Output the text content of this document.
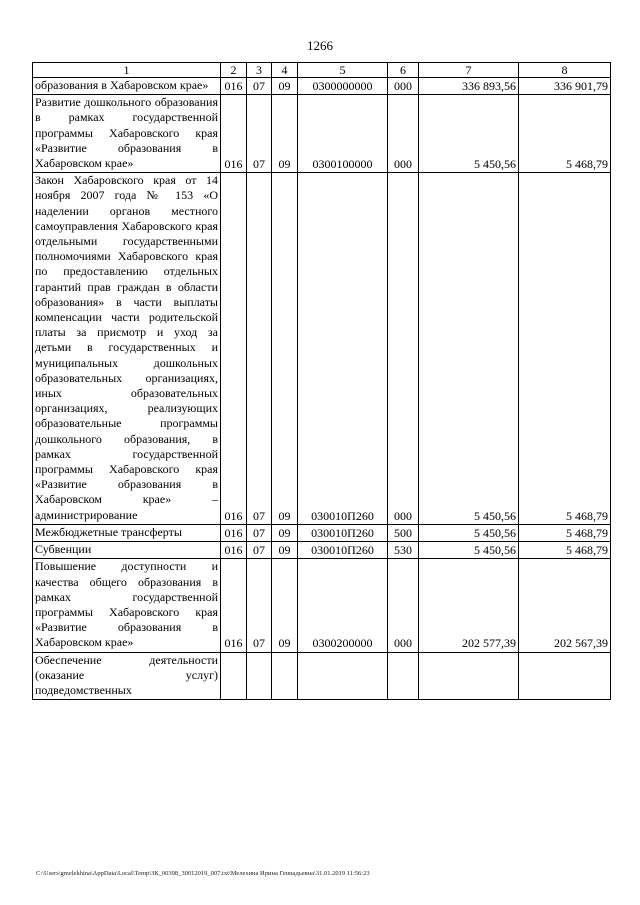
1266
1	2	3	4	5	6	7	8
образования в Хабаровском крае»	016	07	09	0300000000	000	336 893,56	336 901,79
Развитие дошкольного образования в рамках государственной программы Хабаровского края «Развитие образования в Хабаровском крае»	016	07	09	0300100000	000	5 450,56	5 468,79
Закон Хабаровского края от 14 ноября 2007 года № 153 «О наделении органов местного самоуправления Хабаровского края отдельными государственными полномочиями Хабаровского края по предоставлению отдельных гарантий прав граждан в области образования» в части выплаты компенсации части родительской платы за присмотр и уход за детьми в государственных и муниципальных дошкольных образовательных организациях, иных образовательных организациях, реализующих образовательные программы дошкольного образования, в рамках государственной программы Хабаровского края «Развитие образования в Хабаровском крае» – администрирование	016	07	09	030010П260	000	5 450,56	5 468,79
Межбюджетные трансферты	016	07	09	030010П260	500	5 450,56	5 468,79
Субвенции	016	07	09	030010П260	530	5 450,56	5 468,79
Повышение доступности и качества общего образования в рамках государственной программы Хабаровского края «Развитие образования в Хабаровском крае»	016	07	09	0300200000	000	202 577,39	202 567,39
Обеспечение деятельности (оказание услуг) подведомственных							
C:\Users\gmelekhina\AppData\Local\Temp\ЗК_00398_30012019_007.txt\Мелехина Ирина Геннадьевна\31.01.2019 11:56:23
